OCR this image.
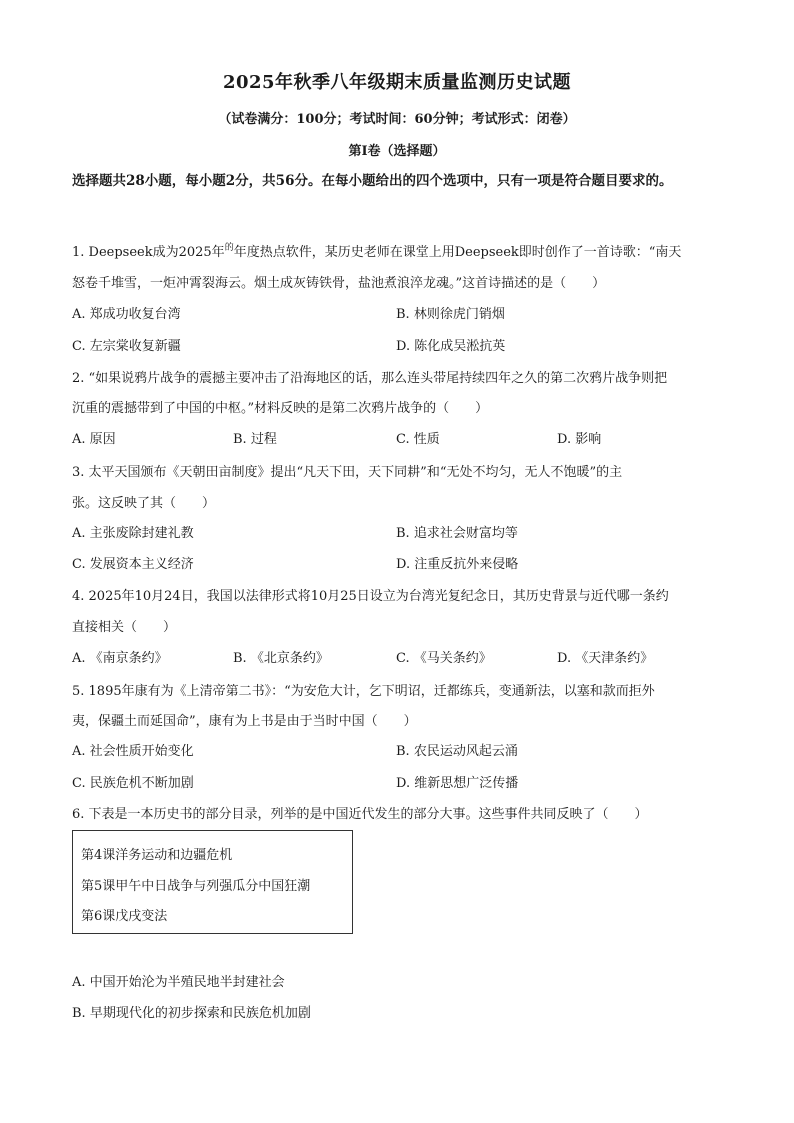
2025年秋季八年级期末质量监测历史试题
（试卷满分：100分；考试时间：60分钟；考试形式：闭卷）
第Ⅰ卷（选择题）
选择题共28小题，每小题2分，共56分。在每小题给出的四个选项中，只有一项是符合题目要求的。
1. Deepseek成为2025年$^的$年度热点软件，某历史老师在课堂上用Deepseek即时创作了一首诗歌：“南天
怒卷千堆雪，一炬冲霄裂海云。烟土成灰铸铁骨，盐池煮浪淬龙魂。”这首诗描述的是（　　）
A. 郑成功收复台湾	B. 林则徐虎门销烟
C. 左宗棠收复新疆	D. 陈化成吴淞抗英
2. “如果说鸦片战争的震撼主要冲击了沿海地区的话，那么连头带尾持续四年之久的第二次鸦片战争则把
沉重的震撼带到了中国的中枢。”材料反映的是第二次鸦片战争的（　　）
A. 原因	B. 过程	C. 性质	D. 影响
3. 太平天国颁布《天朝田亩制度》提出“凡天下田，天下同耕”和“无处不均匀，无人不饱暖”的主
张。这反映了其（　　）
A. 主张废除封建礼教	B. 追求社会财富均等
C. 发展资本主义经济	D. 注重反抗外来侵略
4. 2025年10月24日，我国以法律形式将10月25日设立为台湾光复纪念日，其历史背景与近代哪一条约
直接相关（　　）
A. 《南京条约》	B. 《北京条约》	C. 《马关条约》	D. 《天津条约》
5. 1895年康有为《上清帝第二书》：“为安危大计，乞下明诏，迁都练兵，变通新法，以塞和款而拒外
夷，保疆土而延国命”，康有为上书是由于当时中国（　　）
A. 社会性质开始变化	B. 农民运动风起云涌
C. 民族危机不断加剧	D. 维新思想广泛传播
6. 下表是一本历史书的部分目录，列举的是中国近代发生的部分大事。这些事件共同反映了（　　）
第4课洋务运动和边疆危机
第5课甲午中日战争与列强瓜分中国狂潮
第6课戊戌变法
A. 中国开始沦为半殖民地半封建社会
B. 早期现代化的初步探索和民族危机加剧
